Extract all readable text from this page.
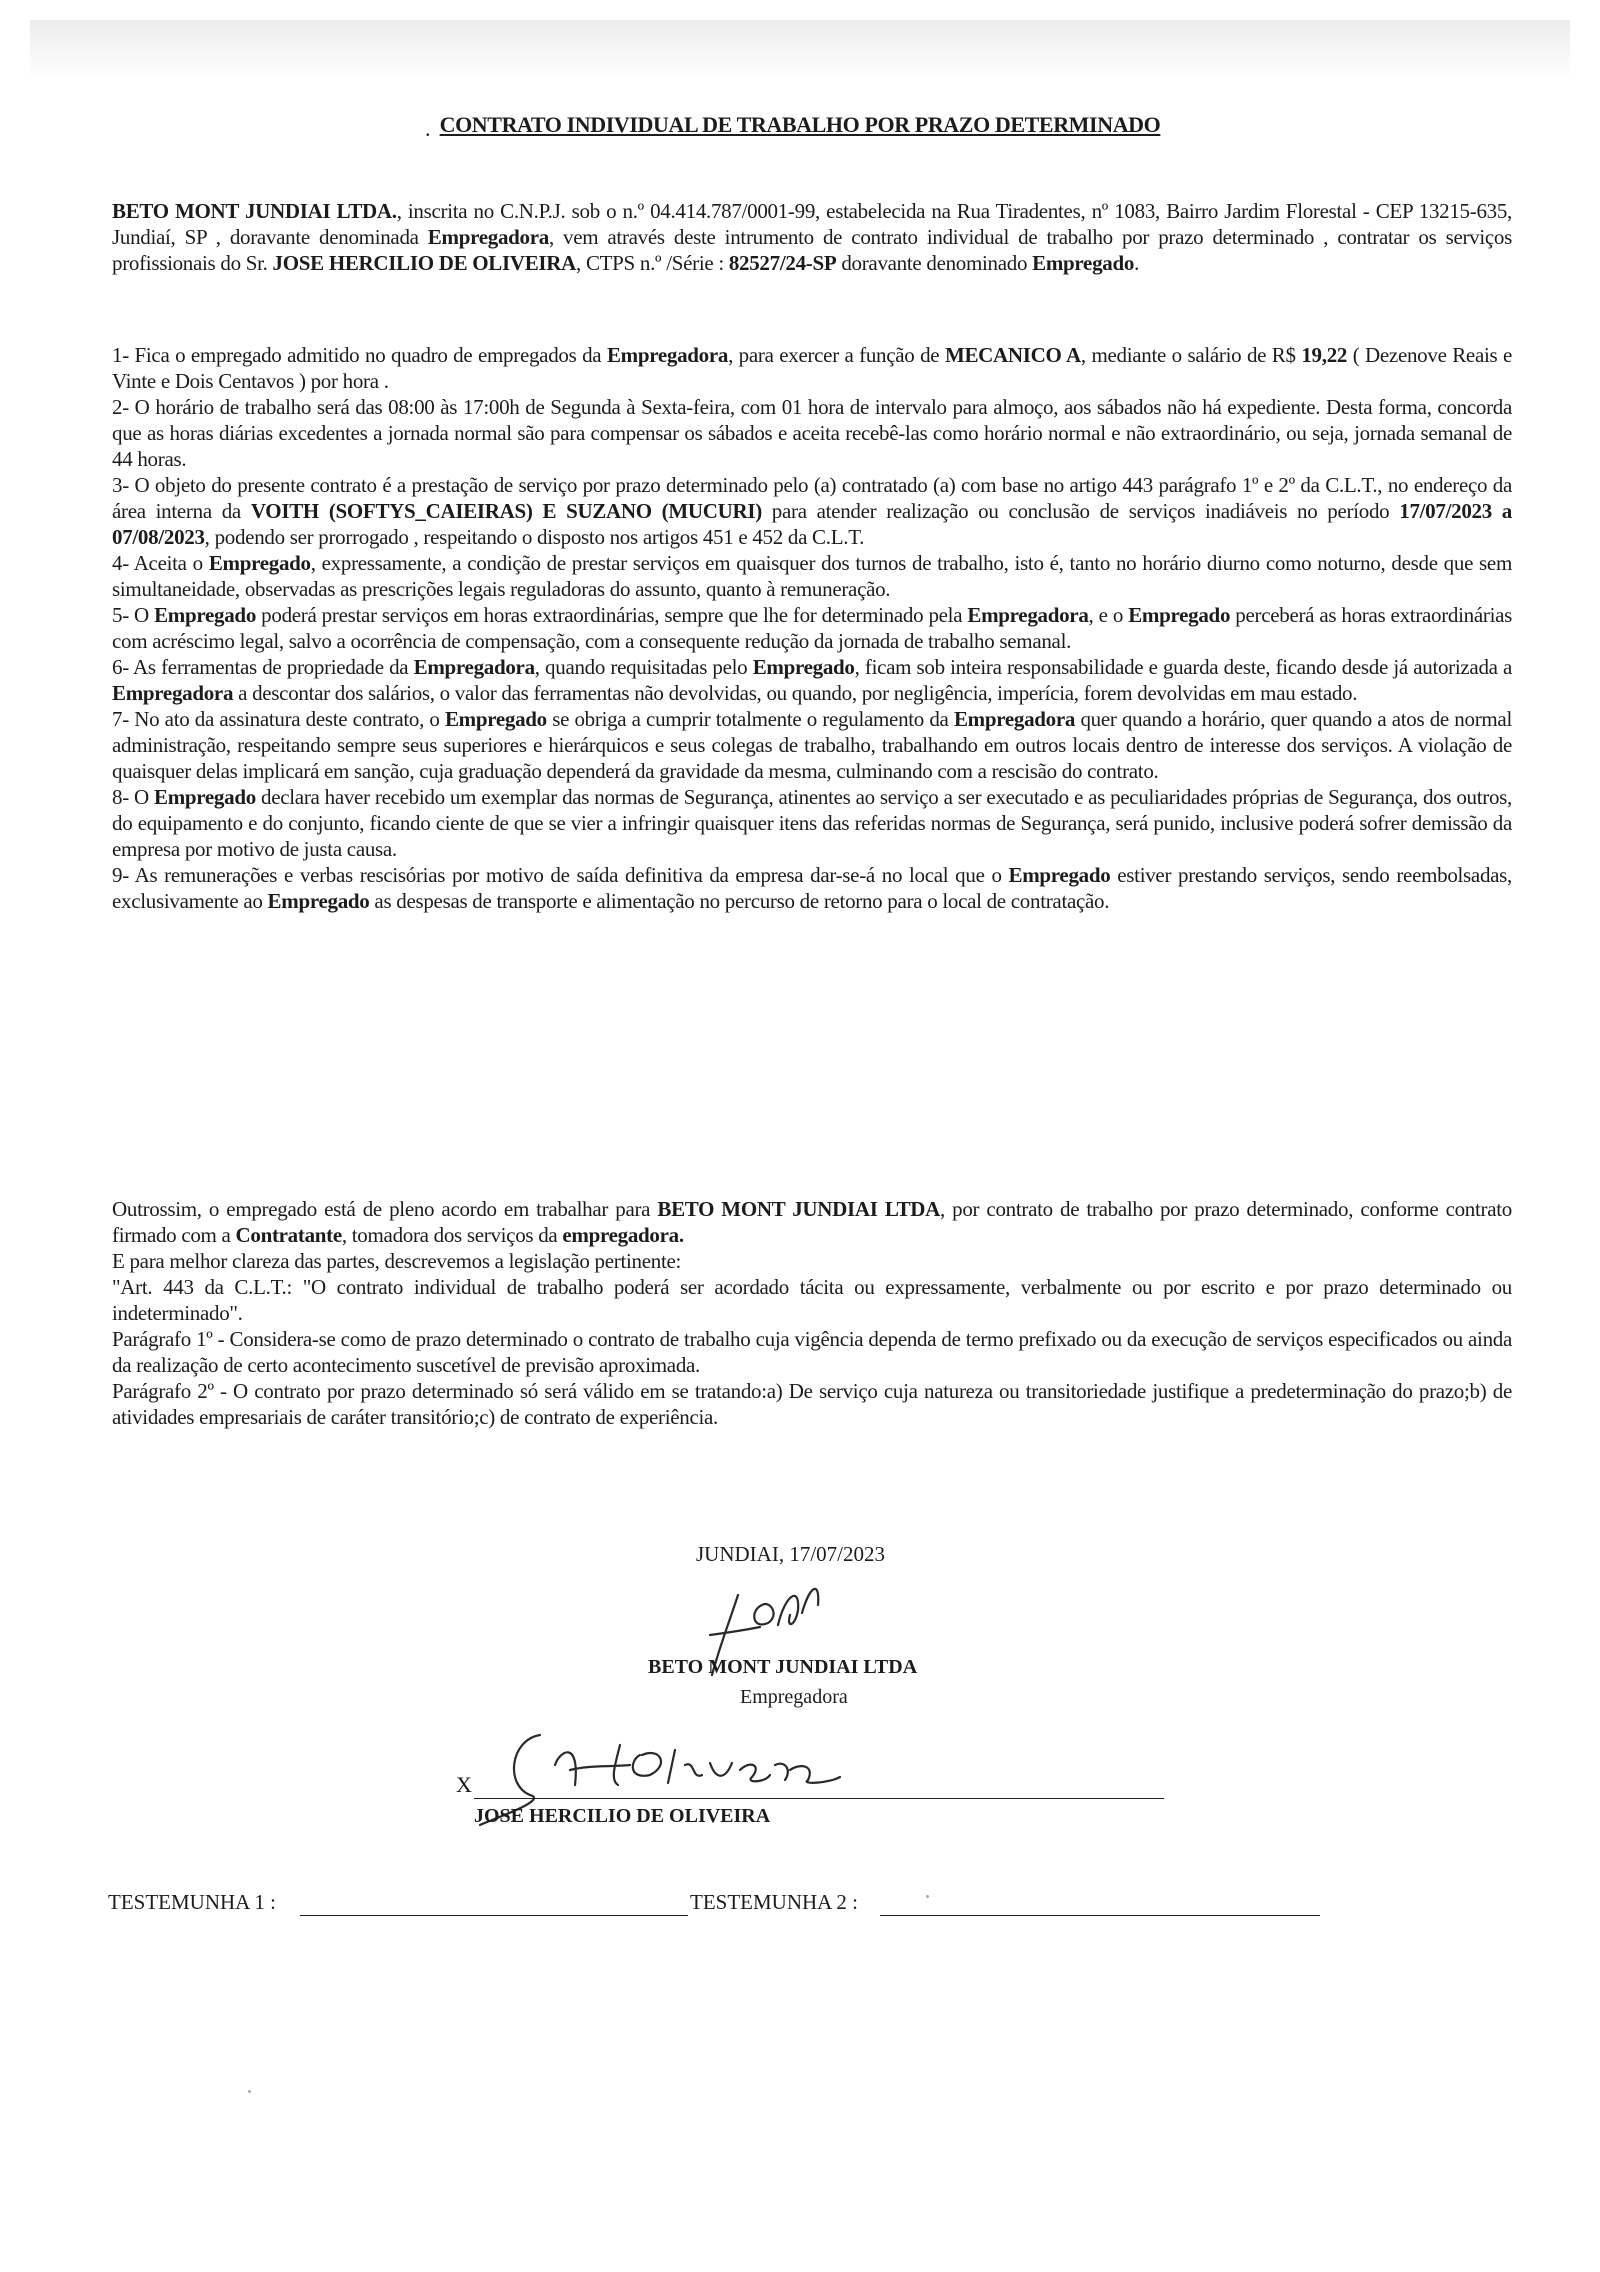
. CONTRATO INDIVIDUAL DE TRABALHO POR PRAZO DETERMINADO

BETO MONT JUNDIAI LTDA., inscrita no C.N.P.J. sob o n.º 04.414.787/0001-99, estabelecida na Rua Tiradentes, nº 1083, Bairro Jardim Florestal - CEP 13215-635, Jundiaí, SP , doravante denominada Empregadora, vem através deste intrumento de contrato individual de trabalho por prazo determinado , contratar os serviços profissionais do Sr. JOSE HERCILIO DE OLIVEIRA, CTPS n.º /Série : 82527/24-SP doravante denominado Empregado.

1- Fica o empregado admitido no quadro de empregados da Empregadora, para exercer a função de MECANICO A, mediante o salário de R$ 19,22 ( Dezenove Reais e Vinte e Dois Centavos ) por hora .

2- O horário de trabalho será das 08:00 às 17:00h de Segunda à Sexta-feira, com 01 hora de intervalo para almoço, aos sábados não há expediente. Desta forma, concorda que as horas diárias excedentes a jornada normal são para compensar os sábados e aceita recebê-las como horário normal e não extraordinário, ou seja, jornada semanal de 44 horas.

3- O objeto do presente contrato é a prestação de serviço por prazo determinado pelo (a) contratado (a) com base no artigo 443 parágrafo 1º e 2º da C.L.T., no endereço da área interna da VOITH (SOFTYS_CAIEIRAS) E SUZANO (MUCURI) para atender realização ou conclusão de serviços inadiáveis no período 17/07/2023 a 07/08/2023, podendo ser prorrogado , respeitando o disposto nos artigos 451 e 452 da C.L.T.

4- Aceita o Empregado, expressamente, a condição de prestar serviços em quaisquer dos turnos de trabalho, isto é, tanto no horário diurno como noturno, desde que sem simultaneidade, observadas as prescrições legais reguladoras do assunto, quanto à remuneração.

5- O Empregado poderá prestar serviços em horas extraordinárias, sempre que lhe for determinado pela Empregadora, e o Empregado perceberá as horas extraordinárias com acréscimo legal, salvo a ocorrência de compensação, com a consequente redução da jornada de trabalho semanal.

6- As ferramentas de propriedade da Empregadora, quando requisitadas pelo Empregado, ficam sob inteira responsabilidade e guarda deste, ficando desde já autorizada a Empregadora a descontar dos salários, o valor das ferramentas não devolvidas, ou quando, por negligência, imperícia, forem devolvidas em mau estado.

7- No ato da assinatura deste contrato, o Empregado se obriga a cumprir totalmente o regulamento da Empregadora quer quando a horário, quer quando a atos de normal administração, respeitando sempre seus superiores e hierárquicos e seus colegas de trabalho, trabalhando em outros locais dentro de interesse dos serviços. A violação de quaisquer delas implicará em sanção, cuja graduação dependerá da gravidade da mesma, culminando com a rescisão do contrato.

8- O Empregado declara haver recebido um exemplar das normas de Segurança, atinentes ao serviço a ser executado e as peculiaridades próprias de Segurança, dos outros, do equipamento e do conjunto, ficando ciente de que se vier a infringir quaisquer itens das referidas normas de Segurança, será punido, inclusive poderá sofrer demissão da empresa por motivo de justa causa.

9- As remunerações e verbas rescisórias por motivo de saída definitiva da empresa dar-se-á no local que o Empregado estiver prestando serviços, sendo reembolsadas, exclusivamente ao Empregado as despesas de transporte e alimentação no percurso de retorno para o local de contratação.

Outrossim, o empregado está de pleno acordo em trabalhar para BETO MONT JUNDIAI LTDA, por contrato de trabalho por prazo determinado, conforme contrato firmado com a Contratante, tomadora dos serviços da empregadora.

E para melhor clareza das partes, descrevemos a legislação pertinente:

"Art. 443 da C.L.T.: "O contrato individual de trabalho poderá ser acordado tácita ou expressamente, verbalmente ou por escrito e por prazo determinado ou indeterminado".

Parágrafo 1º - Considera-se como de prazo determinado o contrato de trabalho cuja vigência dependa de termo prefixado ou da execução de serviços especificados ou ainda da realização de certo acontecimento suscetível de previsão aproximada.

Parágrafo 2º - O contrato por prazo determinado só será válido em se tratando:a) De serviço cuja natureza ou transitoriedade justifique a predeterminação do prazo;b) de atividades empresariais de caráter transitório;c) de contrato de experiência.

JUNDIAI, 17/07/2023
BETO MONT JUNDIAI LTDA
Empregadora
X
JOSE HERCILIO DE OLIVEIRA
TESTEMUNHA 1 :	TESTEMUNHA 2 :
